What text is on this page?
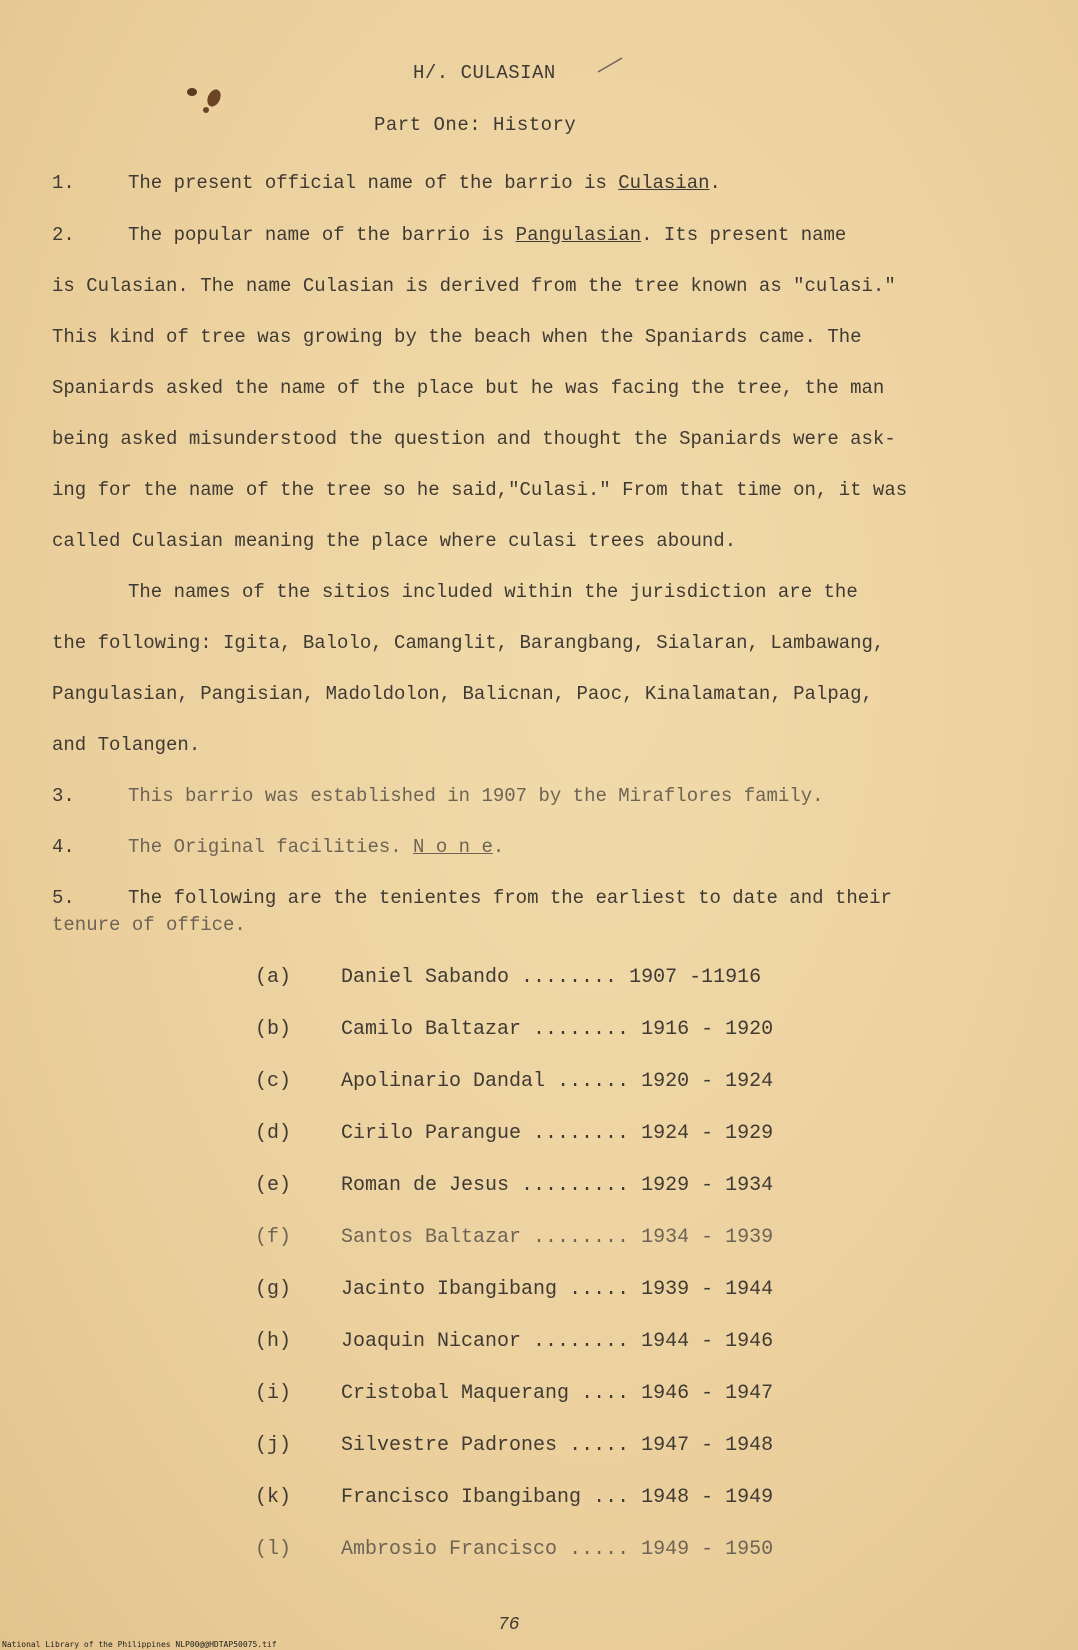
H/. CULASIAN
Part One: History
1.	The present official name of the barrio is Culasian.
2.	The popular name of the barrio is Pangulasian. Its present name
is Culasian. The name Culasian is derived from the tree known as "culasi."
This kind of tree was growing by the beach when the Spaniards came. The
Spaniards asked the name of the place but he was facing the tree, the man
being asked misunderstood the question and thought the Spaniards were ask-
ing for the name of the tree so he said,"Culasi." From that time on, it was
called Culasian meaning the place where culasi trees abound.
The names of the sitios included within the jurisdiction are the
the following: Igita, Balolo, Camanglit, Barangbang, Sialaran, Lambawang,
Pangulasian, Pangisian, Madoldolon, Balicnan, Paoc, Kinalamatan, Palpag,
and Tolangen.
3.	This barrio was established in 1907 by the Miraflores family.
4.	The Original facilities. N o n e.
5.	The following are the tenientes from the earliest to date and their
tenure of office.
(a) Daniel Sabando ........ 1907 -11916
(b) Camilo Baltazar ........ 1916 - 1920
(c) Apolinario Dandal ...... 1920 - 1924
(d) Cirilo Parangue ........ 1924 - 1929
(e) Roman de Jesus ......... 1929 - 1934
(f) Santos Baltazar ........ 1934 - 1939
(g) Jacinto Ibangibang ..... 1939 - 1944
(h) Joaquin Nicanor ........ 1944 - 1946
(i) Cristobal Maquerang .... 1946 - 1947
(j) Silvestre Padrones ..... 1947 - 1948
(k) Francisco Ibangibang ... 1948 - 1949
(l) Ambrosio Francisco ..... 1949 - 1950
76
National Library of the Philippines NLP00@@HDTAP50075.tif
